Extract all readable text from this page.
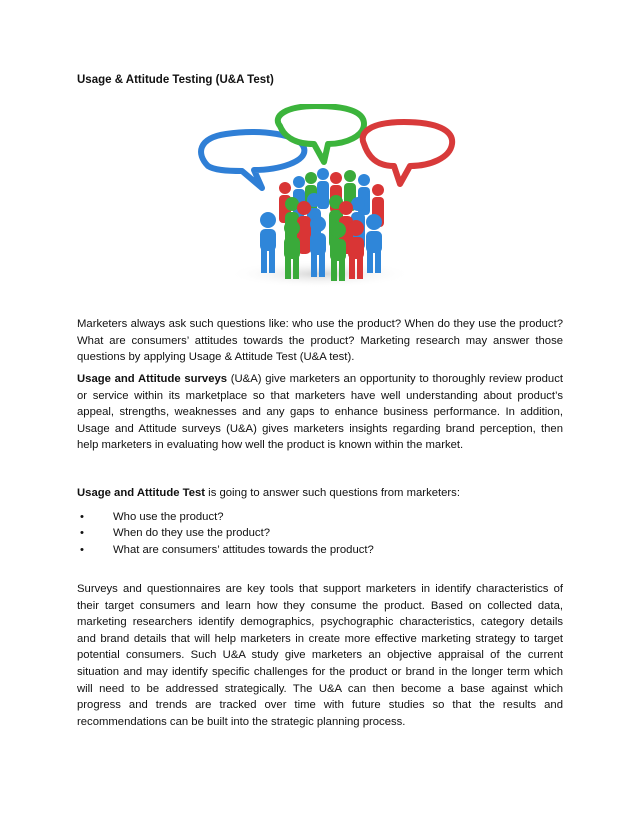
Usage & Attitude Testing (U&A Test)

Marketers always ask such questions like: who use the product? When do they use the product? What are consumers’ attitudes towards the product? Marketing research may answer those questions by applying Usage & Attitude Test (U&A test).

Usage and Attitude surveys (U&A) give marketers an opportunity to thoroughly review product or service within its marketplace so that marketers have well understanding about product’s appeal, strengths, weaknesses and any gaps to enhance business performance. In addition, Usage and Attitude surveys (U&A) gives marketers insights regarding brand perception, then help marketers in evaluating how well the product is known within the market.

Usage and Attitude Test is going to answer such questions from marketers:

•	Who use the product?
•	When do they use the product?
•	What are consumers’ attitudes towards the product?

Surveys and questionnaires are key tools that support marketers in identify characteristics of their target consumers and learn how they consume the product. Based on collected data, marketing researchers identify demographics, psychographic characteristics, category details and brand details that will help marketers in create more effective marketing strategy to target potential consumers. Such U&A study give marketers an objective appraisal of the current situation and may identify specific challenges for the product or brand in the longer term which will need to be addressed strategically. The U&A can then become a base against which progress and trends are tracked over time with future studies so that the results and recommendations can be built into the strategic planning process.
